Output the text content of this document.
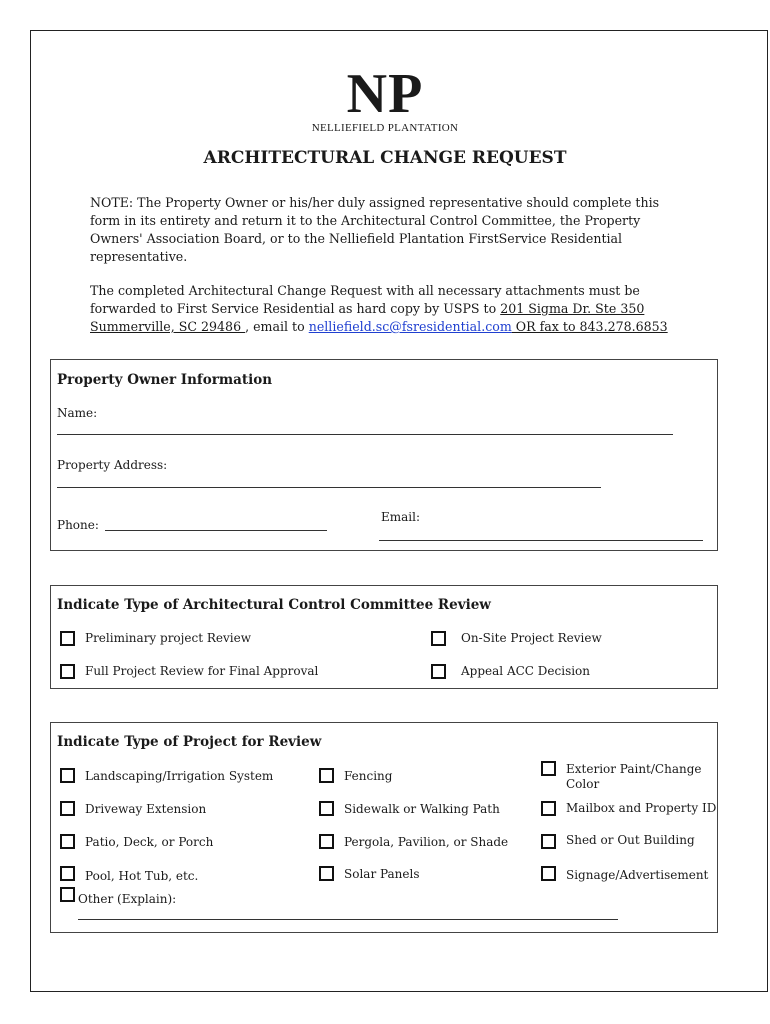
NP
NELLIEFIELD PLANTATION
ARCHITECTURAL CHANGE REQUEST

NOTE: The Property Owner or his/her duly assigned representative should complete this form in its entirety and return it to the Architectural Control Committee, the Property Owners' Association Board, or to the Nelliefield Plantation FirstService Residential representative.

The completed Architectural Change Request with all necessary attachments must be forwarded to First Service Residential as hard copy by USPS to 201 Sigma Dr. Ste 350
Summerville, SC 29486 , email to nelliefield.sc@fsresidential.com OR fax to 843.278.6853

Property Owner Information
Name:
Property Address:
Phone:
Email:
Indicate Type of Architectural Control Committee Review
Preliminary project Review	On-Site Project Review
Full Project Review for Final Approval	Appeal ACC Decision
Indicate Type of Project for Review
Landscaping/Irrigation System	Fencing	Exterior Paint/Change Color
Driveway Extension	Sidewalk or Walking Path	Mailbox and Property ID
Patio, Deck, or Porch	Pergola, Pavilion, or Shade	Shed or Out Building
Pool, Hot Tub, etc.	Solar Panels	Signage/Advertisement
Other (Explain):
